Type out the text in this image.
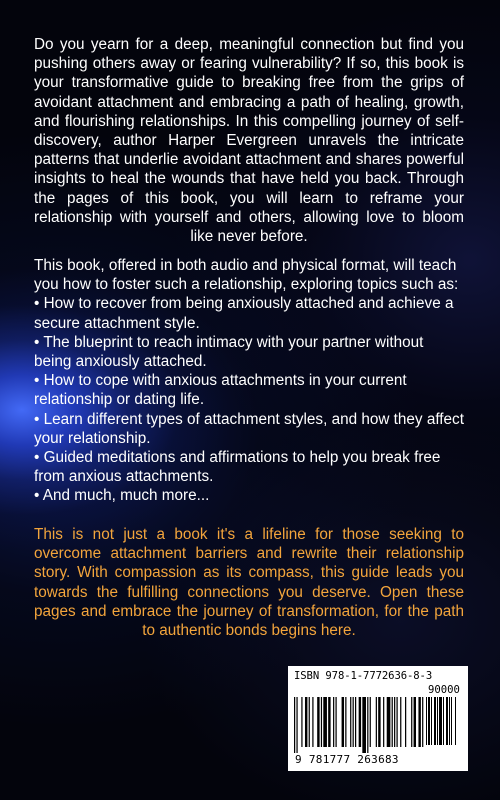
Do you yearn for a deep, meaningful connection but find you pushing others away or fearing vulnerability? If so, this book is your transformative guide to breaking free from the grips of avoidant attachment and embracing a path of healing, growth, and flourishing relationships. In this compelling journey of self-discovery, author Harper Evergreen unravels the intricate patterns that underlie avoidant attachment and shares powerful insights to heal the wounds that have held you back. Through the pages of this book, you will learn to reframe your relationship with yourself and others, allowing love to bloom like never before.

This book, offered in both audio and physical format, will teach you how to foster such a relationship, exploring topics such as:
• How to recover from being anxiously attached and achieve a secure attachment style.
• The blueprint to reach intimacy with your partner without being anxiously attached.
• How to cope with anxious attachments in your current relationship or dating life.
• Learn different types of attachment styles, and how they affect your relationship.
• Guided meditations and affirmations to help you break free from anxious attachments.
• And much, much more...

This is not just a book it's a lifeline for those seeking to overcome attachment barriers and rewrite their relationship story. With compassion as its compass, this guide leads you towards the fulfilling connections you deserve. Open these pages and embrace the journey of transformation, for the path to authentic bonds begins here.

ISBN 978-1-7772636-8-3
90000
9 781777 263683
